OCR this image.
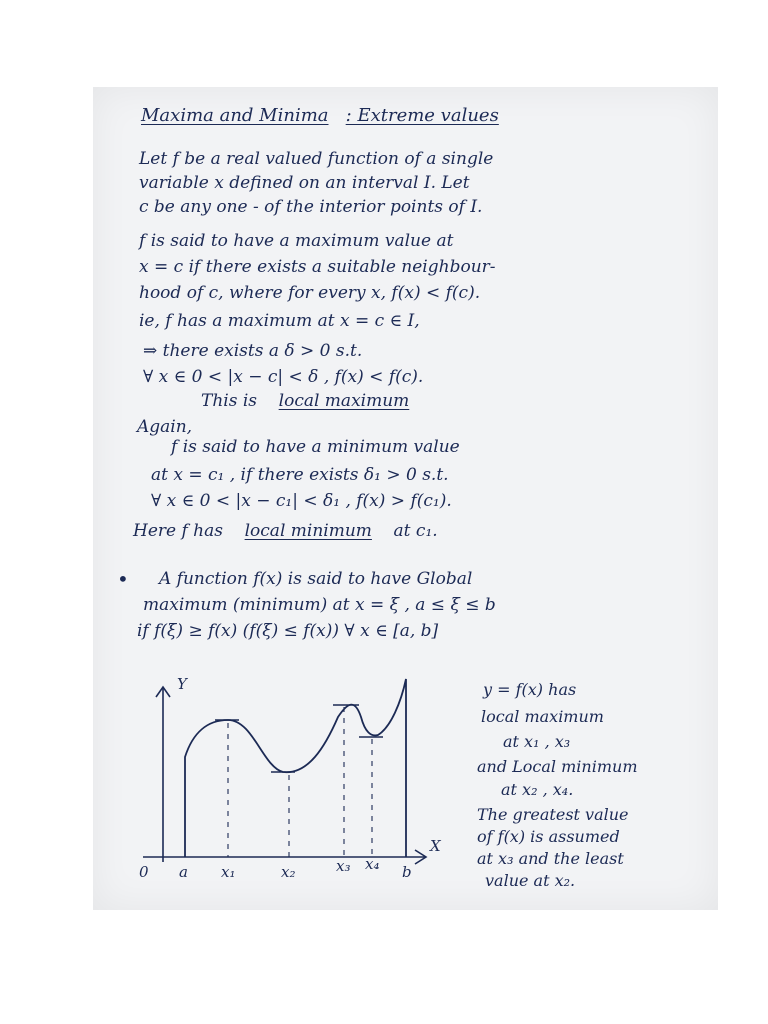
Maxima and Minima : Extreme values
Let f be a real valued function of a single
variable x defined on an interval I. Let
c be any one - of the interior points of I.
f is said to have a maximum value at
x = c if there exists a suitable neighbour-
hood of c, where for every x, f(x) < f(c).
ie, f has a maximum at x = c ∈ I,
⇒ there exists a δ > 0 s.t.
∀ x ∈ 0 < |x − c| < δ , f(x) < f(c).
This is local maximum
Again,
f is said to have a minimum value
at x = c₁ , if there exists δ₁ > 0 s.t.
∀ x ∈ 0 < |x − c₁| < δ₁ , f(x) > f(c₁).
Here f has local minimum at c₁.
• A function f(x) is said to have Global
maximum (minimum) at x = ξ , a ≤ ξ ≤ b
if f(ξ) ≥ f(x) (f(ξ) ≤ f(x)) ∀ x ∈ [a, b]
Y
X
0 a x₁	x₂	x₃ x₄ b
y = f(x) has
local maximum
at x₁ , x₃
and Local minimum
at x₂ , x₄.
The greatest value
of f(x) is assumed
at x₃ and the least
value at x₂.
